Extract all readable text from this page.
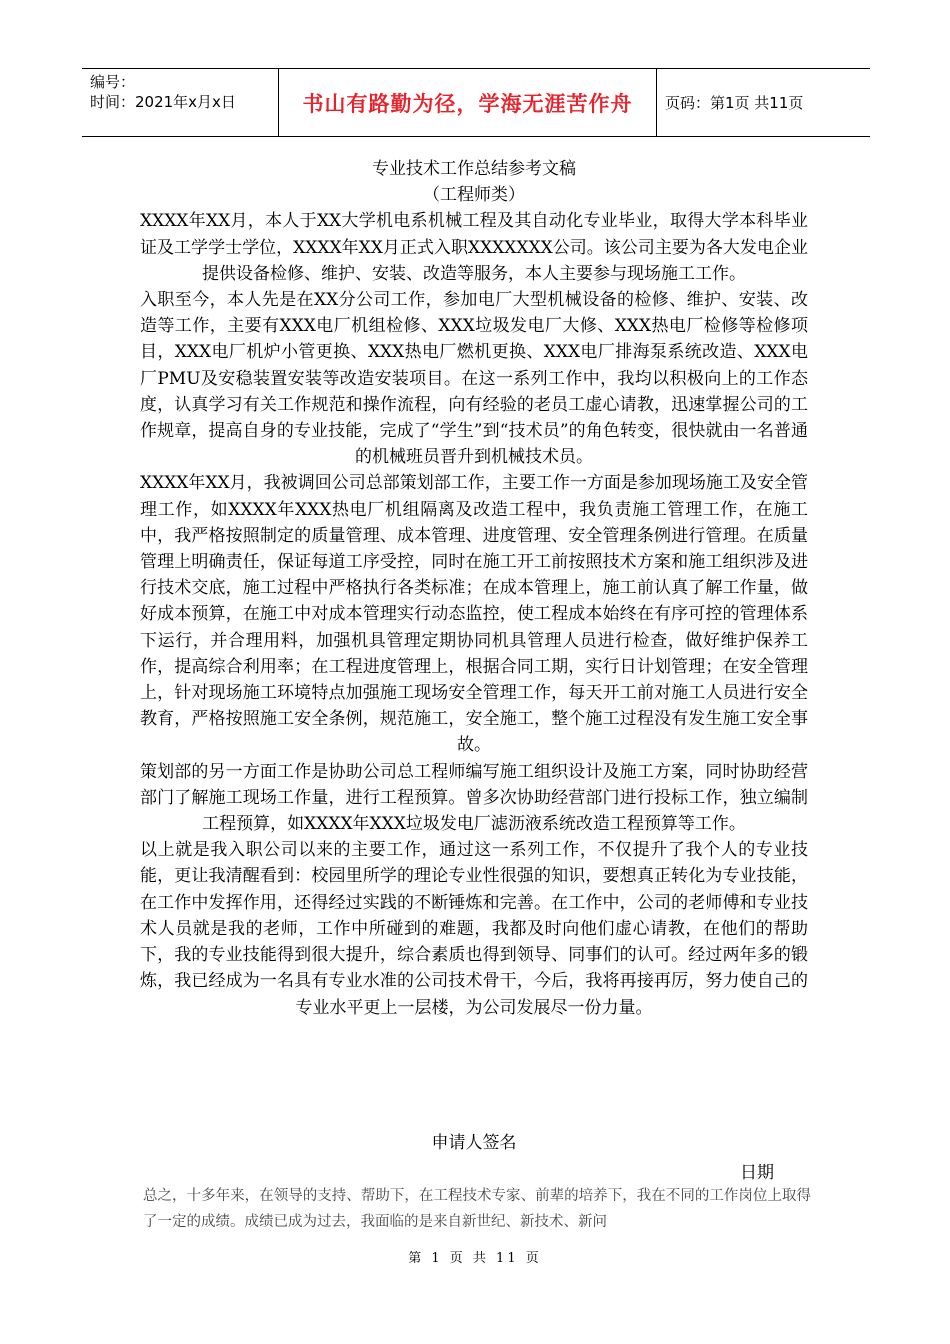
编号：
时间：2021年x月x日	书山有路勤为径，学海无涯苦作舟	页码：第1页 共11页
专业技术工作总结参考文稿
（工程师类）

XXXX年XX月，本人于XX大学机电系机械工程及其自动化专业毕业，取得大学本科毕业证及工学学士学位，XXXX年XX月正式入职XXXXXXX公司。该公司主要为各大发电企业提供设备检修、维护、安装、改造等服务，本人主要参与现场施工工作。

入职至今，本人先是在XX分公司工作，参加电厂大型机械设备的检修、维护、安装、改造等工作，主要有XXX电厂机组检修、XXX垃圾发电厂大修、XXX热电厂检修等检修项目，XXX电厂机炉小管更换、XXX热电厂燃机更换、XXX电厂排海泵系统改造、XXX电厂PMU及安稳装置安装等改造安装项目。在这一系列工作中，我均以积极向上的工作态度，认真学习有关工作规范和操作流程，向有经验的老员工虚心请教，迅速掌握公司的工作规章，提高自身的专业技能，完成了“学生”到“技术员”的角色转变，很快就由一名普通的机械班员晋升到机械技术员。

XXXX年XX月，我被调回公司总部策划部工作，主要工作一方面是参加现场施工及安全管理工作，如XXXX年XXX热电厂机组隔离及改造工程中，我负责施工管理工作，在施工中，我严格按照制定的质量管理、成本管理、进度管理、安全管理条例进行管理。在质量管理上明确责任，保证每道工序受控，同时在施工开工前按照技术方案和施工组织涉及进行技术交底，施工过程中严格执行各类标准；在成本管理上，施工前认真了解工作量，做好成本预算，在施工中对成本管理实行动态监控，使工程成本始终在有序可控的管理体系下运行，并合理用料，加强机具管理定期协同机具管理人员进行检查，做好维护保养工作，提高综合利用率；在工程进度管理上，根据合同工期，实行日计划管理；在安全管理上，针对现场施工环境特点加强施工现场安全管理工作，每天开工前对施工人员进行安全教育，严格按照施工安全条例，规范施工，安全施工，整个施工过程没有发生施工安全事故。

策划部的另一方面工作是协助公司总工程师编写施工组织设计及施工方案，同时协助经营部门了解施工现场工作量，进行工程预算。曾多次协助经营部门进行投标工作，独立编制工程预算，如XXXX年XXX垃圾发电厂滤沥液系统改造工程预算等工作。

以上就是我入职公司以来的主要工作，通过这一系列工作，不仅提升了我个人的专业技能，更让我清醒看到：校园里所学的理论专业性很强的知识，要想真正转化为专业技能，在工作中发挥作用，还得经过实践的不断锤炼和完善。在工作中，公司的老师傅和专业技术人员就是我的老师，工作中所碰到的难题，我都及时向他们虚心请教，在他们的帮助下，我的专业技能得到很大提升，综合素质也得到领导、同事们的认可。经过两年多的锻炼，我已经成为一名具有专业水准的公司技术骨干，今后，我将再接再厉，努力使自己的专业水平更上一层楼，为公司发展尽一份力量。

申请人签名
日期
总之，十多年来，在领导的支持、帮助下，在工程技术专家、前辈的培养下，我在不同的工作岗位上取得了一定的成绩。成绩已成为过去，我面临的是来自新世纪、新技术、新问
第 1 页 共 11 页
